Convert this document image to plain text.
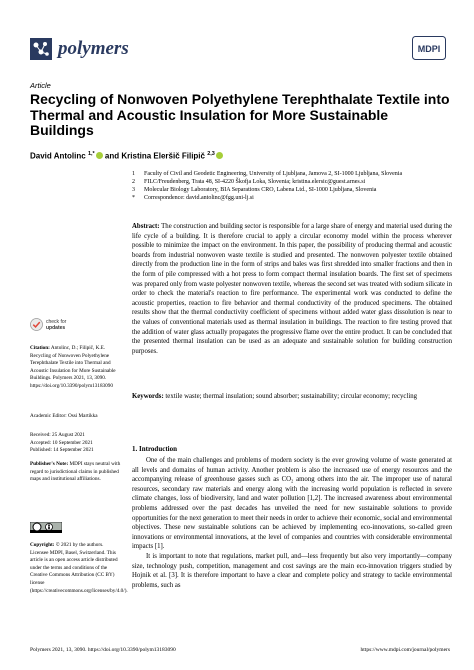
polymers	MDPI
Article
Recycling of Nonwoven Polyethylene Terephthalate Textile into Thermal and Acoustic Insulation for More Sustainable Buildings
David Antolinc $^{1,*}$ and Kristina Eleršič Filipič $^{2,3}$
1	Faculty of Civil and Geodetic Engineering, University of Ljubljana, Jamova 2, SI-1000 Ljubljana, Slovenia
2	FILC/Freudenberg, Trata 48, SI-4220 Škofja Loka, Slovenia; kristina.elersic@guest.arnes.si
3	Molecular Biology Laboratory, BIA Separations CRO, Labena Ltd., SI-1000 Ljubljana, Slovenia
*	Correspondence: david.antolinc@fgg.uni-lj.si
Abstract: The construction and building sector is responsible for a large share of energy and material used during the life cycle of a building. It is therefore crucial to apply a circular economy model within the process wherever possible to minimize the impact on the environment. In this paper, the possibility of producing thermal and acoustic boards from industrial nonwoven waste textile is studied and presented. The nonwoven polyester textile obtained directly from the production line in the form of strips and bales was first shredded into smaller fractions and then in the form of pile compressed with a hot press to form compact thermal insulation boards. The first set of specimens was prepared only from waste polyester nonwoven textile, whereas the second set was treated with sodium silicate in order to check the material's reaction to fire performance. The experimental work was conducted to define the acoustic properties, reaction to fire behavior and thermal conductivity of the produced specimens. The obtained results show that the thermal conductivity coefficient of specimens without added water glass dissolution is near to the values of conventional materials used as thermal insulation in buildings. The reaction to fire testing proved that the addition of water glass actually propagates the progressive flame over the entire product. It can be concluded that the presented thermal insulation can be used as an adequate and sustainable solution for building construction purposes.
Keywords: textile waste; thermal insulation; sound absorber; sustainability; circular economy; recycling
1. Introduction

One of the main challenges and problems of modern society is the ever growing volume of waste generated at all levels and domains of human activity. Another problem is also the increased use of energy resources and the accompanying release of greenhouse gasses such as CO₂ among others into the air. The improper use of natural resources, secondary raw materials and energy along with the increasing world population is reflected in severe climate changes, loss of biodiversity, land and water pollution [1,2]. The increased awareness about environmental problems addressed over the past decades has unveiled the need for new sustainable solutions to provide opportunities for the next generation to meet their needs in order to achieve their economic, social and environmental objectives. These new sustainable solutions can be achieved by implementing eco-innovations, so-called green innovations or environmental innovations, at the level of companies and countries with considerable environmental impacts [1].

It is important to note that regulations, market pull, and—less frequently but also very importantly—company size, technology push, competition, management and cost savings are the main eco-innovation triggers studied by Hojnik et al. [3]. It is therefore important to have a clear and complete policy and strategy to tackle environmental problems, such as

check for
updates
Citation: Antolinc, D.; Filipič, K.E. Recycling of Nonwoven Polyethylene Terephthalate Textile into Thermal and Acoustic Insulation for More Sustainable Buildings. Polymers 2021, 13, 3090. https://doi.org/10.3390/polym13183090
Academic Editor: Ossi Martikka
Received: 25 August 2021
Accepted: 10 September 2021
Published: 14 September 2021
Publisher's Note: MDPI stays neutral with regard to jurisdictional claims in published maps and institutional affiliations.
Copyright: © 2021 by the authors. Licensee MDPI, Basel, Switzerland. This article is an open access article distributed under the terms and conditions of the Creative Commons Attribution (CC BY) license (https://creativecommons.org/licenses/by/4.0/).
Polymers 2021, 13, 3090. https://doi.org/10.3390/polym13183090	https://www.mdpi.com/journal/polymers
